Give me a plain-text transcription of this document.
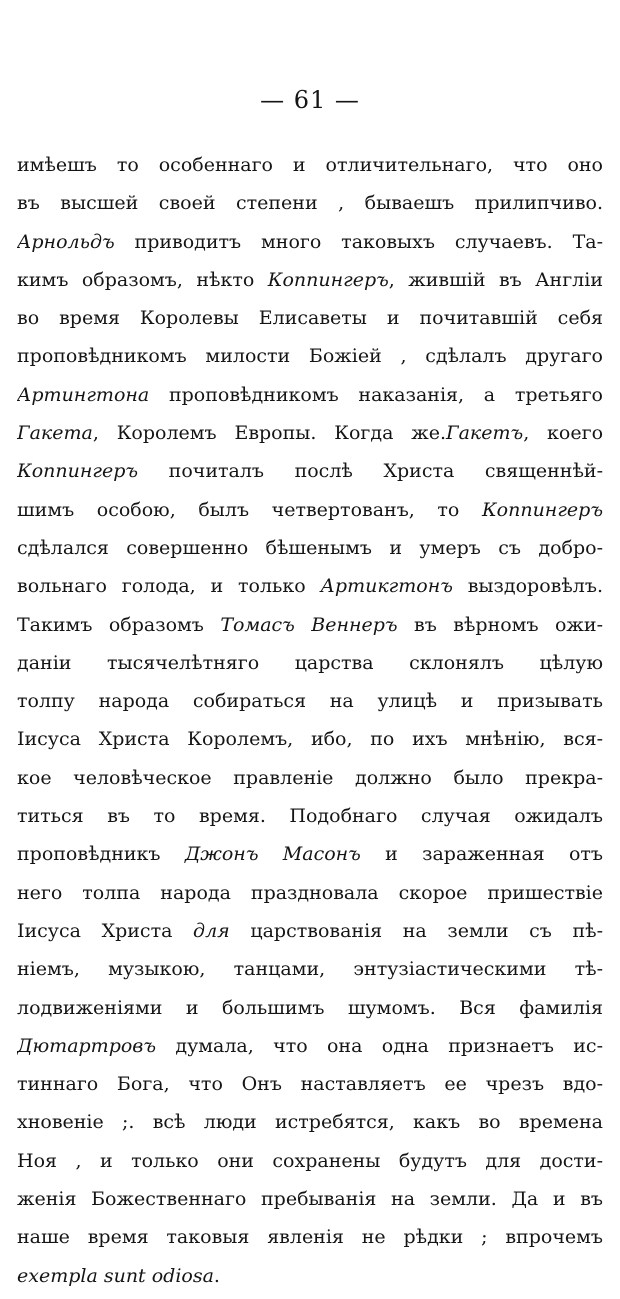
— 61 —
имѣешъ то особеннаго и отличительнаго, что оно
въ высшей своей степени , бываешъ прилипчиво.
Арнольдъ приводитъ много таковыхъ случаевъ. Та-
кимъ образомъ, нѣкто Коппингеръ, жившій въ Англіи
во время Королевы Елисаветы и почитавшій себя
проповѣдникомъ милости Божіей , сдѣлалъ другаго
Артингтона проповѣдникомъ наказанія, а третьяго
Гакета, Королемъ Европы. Когда же.Гакетъ, коего
Коппингеръ почиталъ послѣ Христа священнѣй-
шимъ особою, былъ четвертованъ, то Коппингеръ
сдѣлался совершенно бѣшенымъ и умеръ съ добро-
вольнаго голода, и только Артикгтонъ выздоровѣлъ.
Такимъ образомъ Томасъ Веннеръ въ вѣрномъ ожи-
даніи тысячелѣтняго царства склонялъ цѣлую
толпу народа собираться на улицѣ и призывать
Іисуса Христа Королемъ, ибо, по ихъ мнѣнію, вся-
кое человѣческое правленіе должно было прекра-
титься въ то время. Подобнаго случая ожидалъ
проповѣдникъ Джонъ Масонъ и зараженная отъ
него толпа народа праздновала скорое пришествіе
Іисуса Христа для царствованія на земли съ пѣ-
ніемъ, музыкою, танцами, энтузіастическими тѣ-
лодвиженіями и большимъ шумомъ. Вся фамилія
Дютартровъ думала, что она одна признаетъ ис-
тиннаго Бога, что Онъ наставляетъ ее чрезъ вдо-
хновеніе ;. всѣ люди истребятся, какъ во времена
Ноя , и только они сохранены будутъ для дости-
женія Божественнаго пребыванія на земли. Да и въ
наше время таковыя явленія не рѣдки ; впрочемъ
exempla sunt odiosa.
